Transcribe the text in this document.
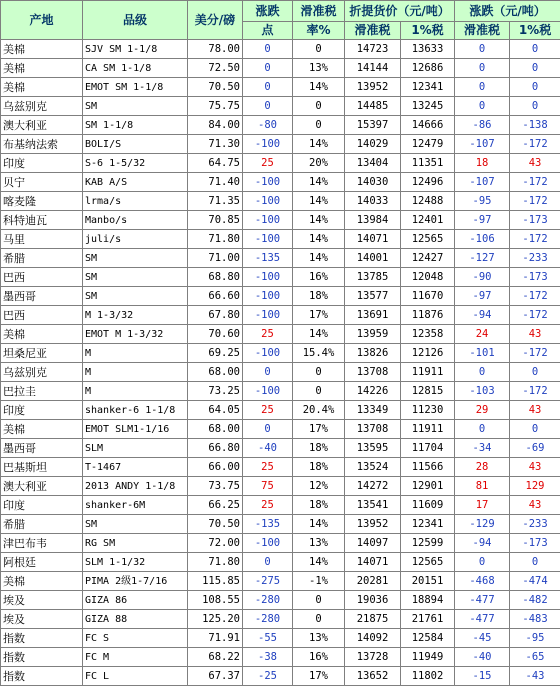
产地	品级	美分/磅	涨跌	滑准税	折提货价（元/吨）		涨跌（元/吨）	
			点	率%	滑准税	1%税	滑准税	1%税
美棉	SJV SM 1-1/8	78.00	0	0	14723	13633	0	0
美棉	CA SM 1-1/8	72.50	0	13%	14144	12686	0	0
美棉	EMOT SM 1-1/8	70.50	0	14%	13952	12341	0	0
乌兹别克	SM	75.75	0	0	14485	13245	0	0
澳大利亚	SM 1-1/8	84.00	-80	0	15397	14666	-86	-138
布基纳法索	BOLI/S	71.30	-100	14%	14029	12479	-107	-172
印度	S-6 1-5/32	64.75	25	20%	13404	11351	18	43
贝宁	KAB A/S	71.40	-100	14%	14030	12496	-107	-172
喀麦隆	lrma/s	71.35	-100	14%	14033	12488	-95	-172
科特迪瓦	Manbo/s	70.85	-100	14%	13984	12401	-97	-173
马里	juli/s	71.80	-100	14%	14071	12565	-106	-172
希腊	SM	71.00	-135	14%	14001	12427	-127	-233
巴西	SM	68.80	-100	16%	13785	12048	-90	-173
墨西哥	SM	66.60	-100	18%	13577	11670	-97	-172
巴西	M 1-3/32	67.80	-100	17%	13691	11876	-94	-172
美棉	EMOT M 1-3/32	70.60	25	14%	13959	12358	24	43
坦桑尼亚	M	69.25	-100	15.4%	13826	12126	-101	-172
乌兹别克	M	68.00	0	0	13708	11911	0	0
巴拉圭	M	73.25	-100	0	14226	12815	-103	-172
印度	shanker-6 1-1/8	64.05	25	20.4%	13349	11230	29	43
美棉	EMOT SLM1-1/16	68.00	0	17%	13708	11911	0	0
墨西哥	SLM	66.80	-40	18%	13595	11704	-34	-69
巴基斯坦	T-1467	66.00	25	18%	13524	11566	28	43
澳大利亚	2013 ANDY 1-1/8	73.75	75	12%	14272	12901	81	129
印度	shanker-6M	66.25	25	18%	13541	11609	17	43
希腊	SM	70.50	-135	14%	13952	12341	-129	-233
津巴布韦	RG SM	72.00	-100	13%	14097	12599	-94	-173
阿根廷	SLM 1-1/32	71.80	0	14%	14071	12565	0	0
美棉	PIMA 2级1-7/16	115.85	-275	-1%	20281	20151	-468	-474
埃及	GIZA 86	108.55	-280	0	19036	18894	-477	-482
埃及	GIZA 88	125.20	-280	0	21875	21761	-477	-483
指数	FC S	71.91	-55	13%	14092	12584	-45	-95
指数	FC M	68.22	-38	16%	13728	11949	-40	-65
指数	FC L	67.37	-25	17%	13652	11802	-15	-43
